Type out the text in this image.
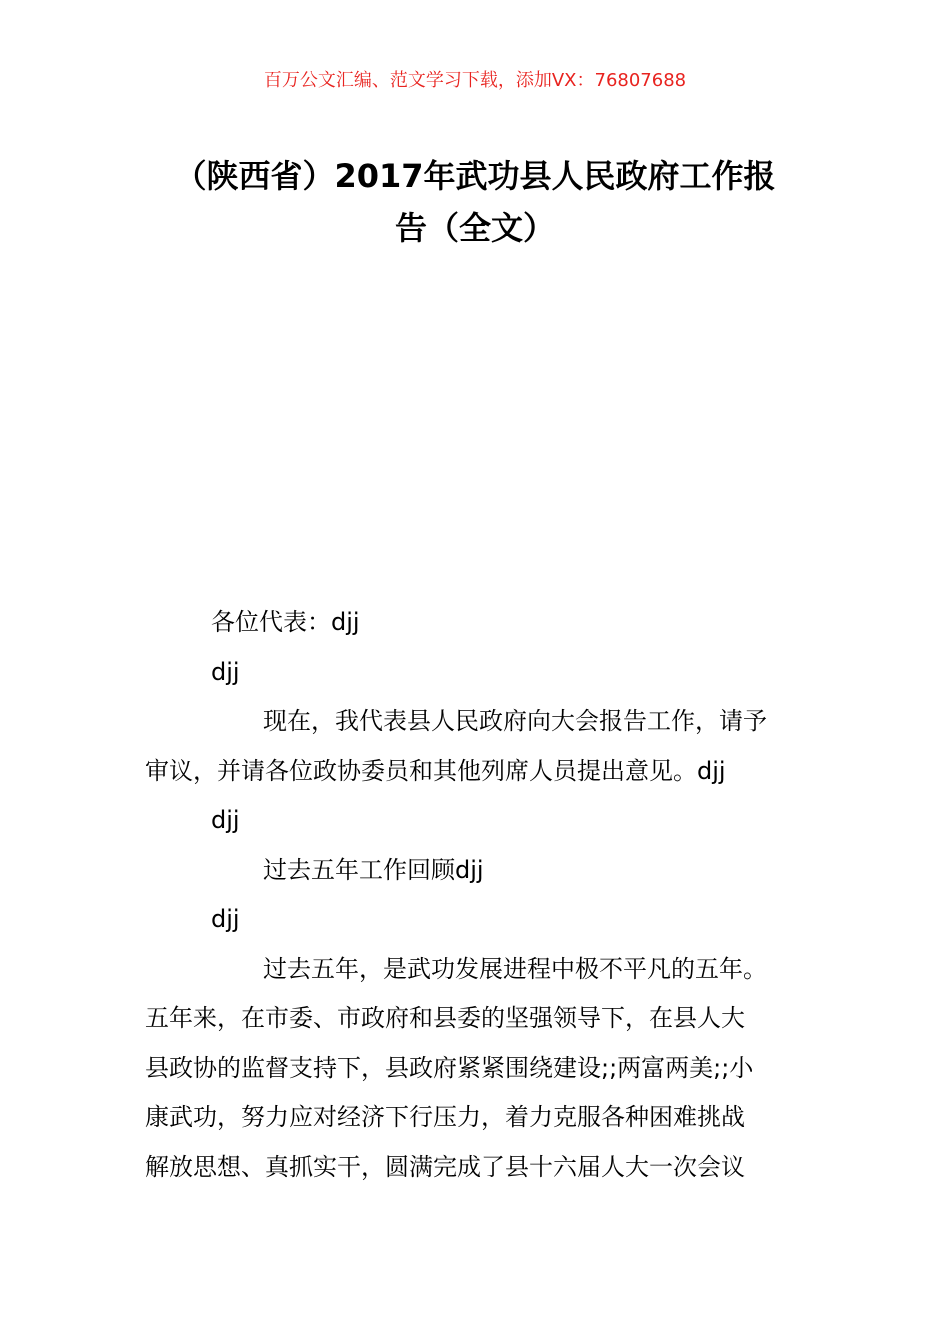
百万公文汇编、范文学习下载，添加VX：76807688
（陕西省）2017年武功县人民政府工作报
告（全文）
各位代表：djj
djj
现在，我代表县人民政府向大会报告工作，请予
审议，并请各位政协委员和其他列席人员提出意见。djj
djj
过去五年工作回顾djj
djj
过去五年，是武功发展进程中极不平凡的五年。
五年来，在市委、市政府和县委的坚强领导下，在县人大
县政协的监督支持下，县政府紧紧围绕建设;;两富两美;;小
康武功，努力应对经济下行压力，着力克服各种困难挑战
解放思想、真抓实干，圆满完成了县十六届人大一次会议
